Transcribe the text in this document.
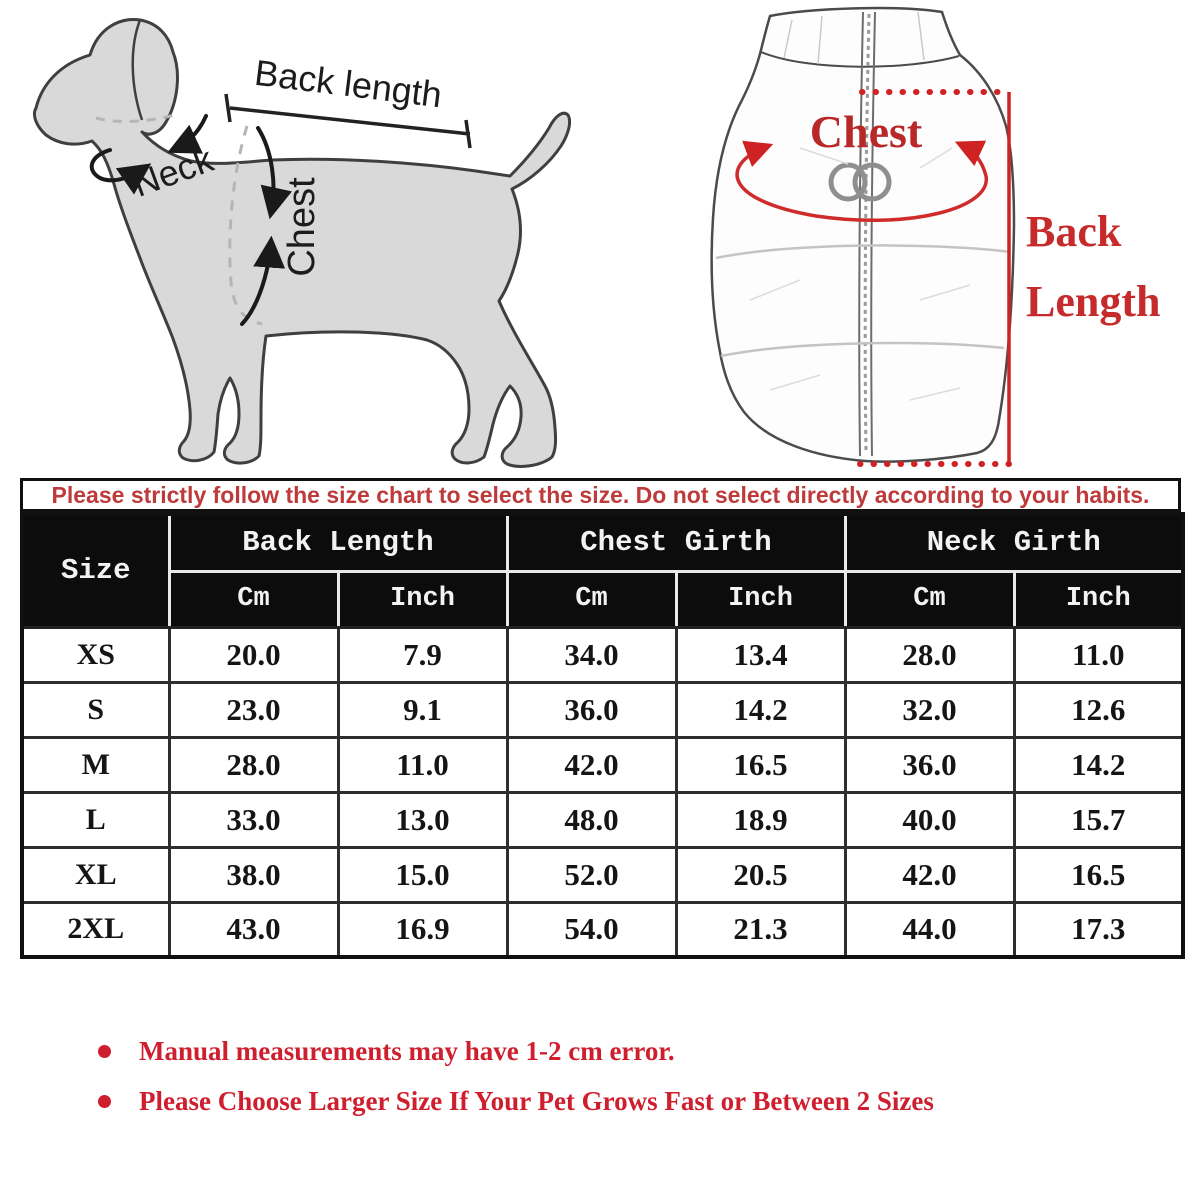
Back length
Neck
Chest
Chest
Back
Length
Please strictly follow the size chart to select the size. Do not select directly according to your habits.
Size	Back Length		Chest Girth		Neck Girth	
	Cm	Inch	Cm	Inch	Cm	Inch
XS	20.0	7.9	34.0	13.4	28.0	11.0
S	23.0	9.1	36.0	14.2	32.0	12.6
M	28.0	11.0	42.0	16.5	36.0	14.2
L	33.0	13.0	48.0	18.9	40.0	15.7
XL	38.0	15.0	52.0	20.5	42.0	16.5
2XL	43.0	16.9	54.0	21.3	44.0	17.3
Manual measurements may have 1-2 cm error.
Please Choose Larger Size If Your Pet Grows Fast or Between 2 Sizes
